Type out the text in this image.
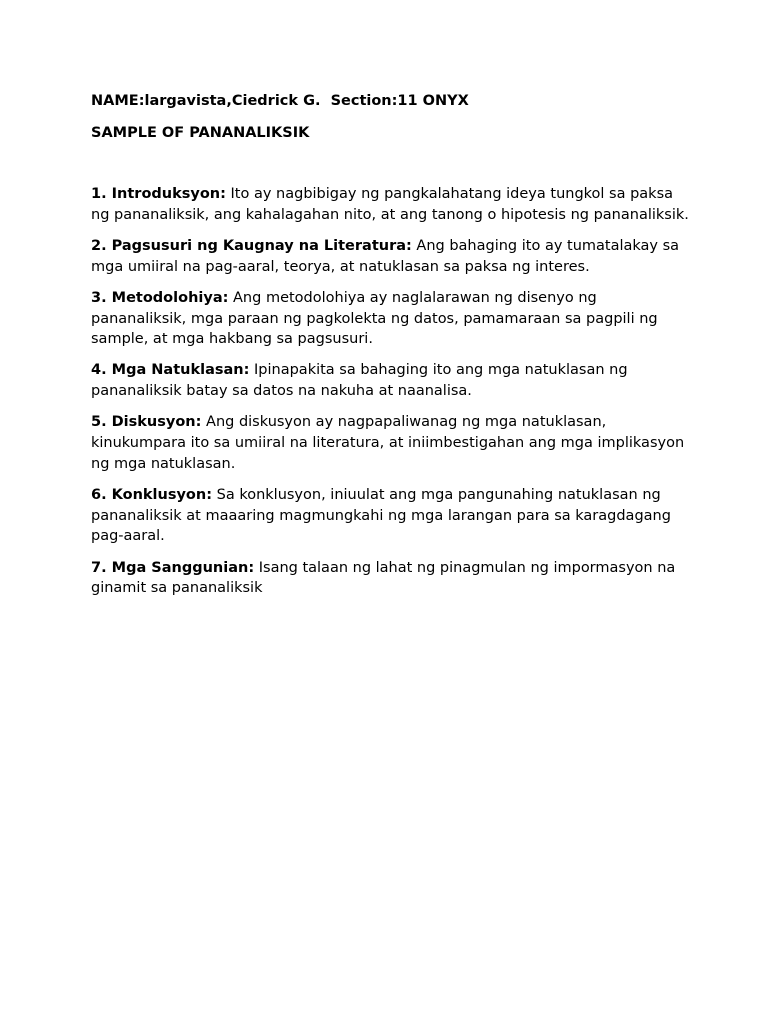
NAME:largavista,Ciedrick G.  Section:11 ONYX

SAMPLE OF PANANALIKSIK

1. Introduksyon: Ito ay nagbibigay ng pangkalahatang ideya tungkol sa paksa ng pananaliksik, ang kahalagahan nito, at ang tanong o hipotesis ng pananaliksik.

2. Pagsusuri ng Kaugnay na Literatura: Ang bahaging ito ay tumatalakay sa mga umiiral na pag-aaral, teorya, at natuklasan sa paksa ng interes.

3. Metodolohiya: Ang metodolohiya ay naglalarawan ng disenyo ng pananaliksik, mga paraan ng pagkolekta ng datos, pamamaraan sa pagpili ng sample, at mga hakbang sa pagsusuri.

4. Mga Natuklasan: Ipinapakita sa bahaging ito ang mga natuklasan ng pananaliksik batay sa datos na nakuha at naanalisa.

5. Diskusyon: Ang diskusyon ay nagpapaliwanag ng mga natuklasan, kinukumpara ito sa umiiral na literatura, at iniimbestigahan ang mga implikasyon ng mga natuklasan.

6. Konklusyon: Sa konklusyon, iniuulat ang mga pangunahing natuklasan ng pananaliksik at maaaring magmungkahi ng mga larangan para sa karagdagang pag-aaral.

7. Mga Sanggunian: Isang talaan ng lahat ng pinagmulan ng impormasyon na ginamit sa pananaliksik
